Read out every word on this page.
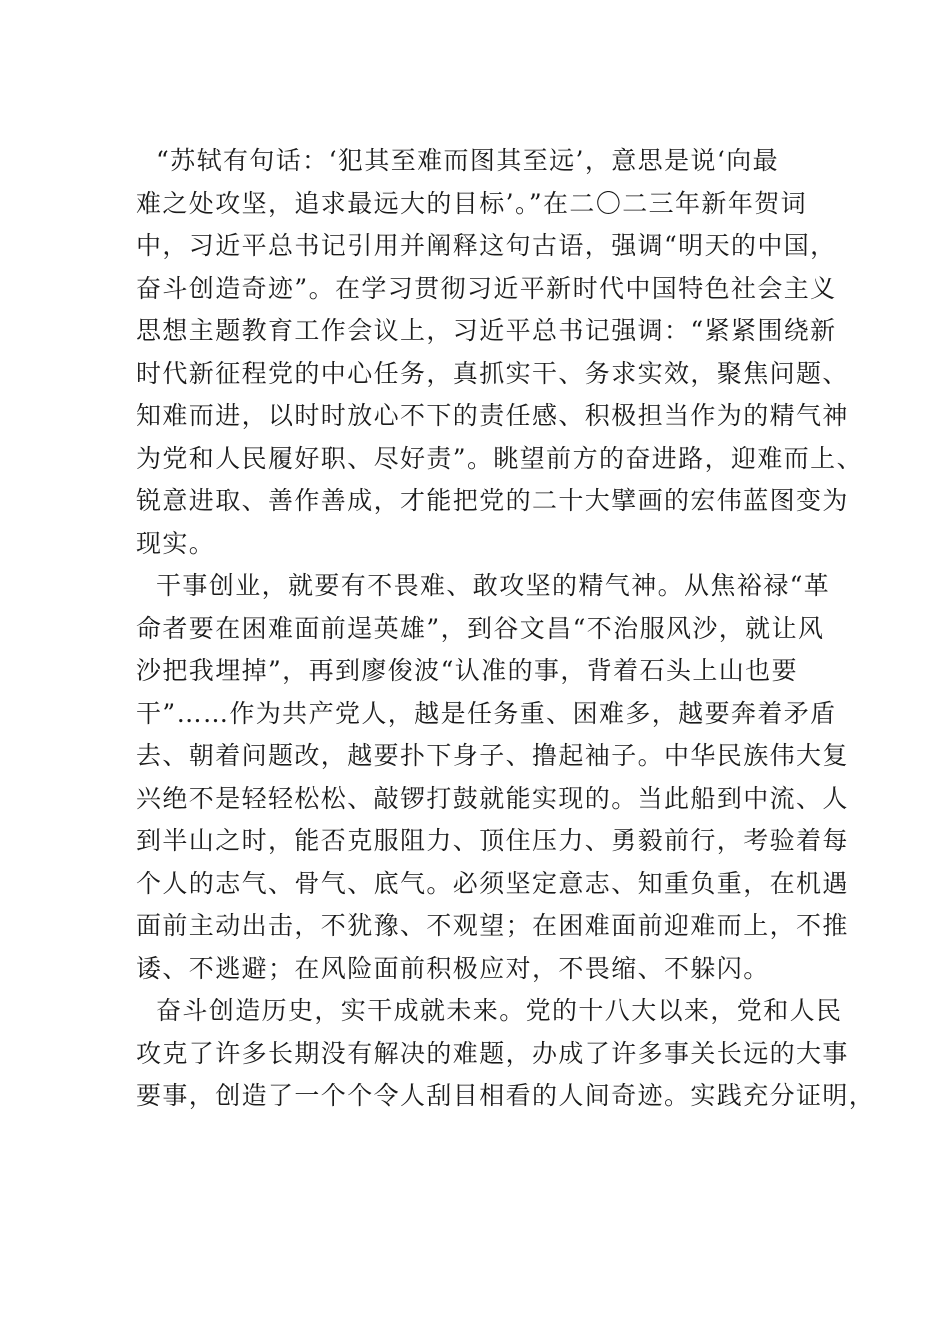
“苏轼有句话：‘犯其至难而图其至远’，意思是说‘向最
难之处攻坚，追求最远大的目标’。”在二〇二三年新年贺词
中，习近平总书记引用并阐释这句古语，强调“明天的中国，
奋斗创造奇迹”。在学习贯彻习近平新时代中国特色社会主义
思想主题教育工作会议上，习近平总书记强调：“紧紧围绕新
时代新征程党的中心任务，真抓实干、务求实效，聚焦问题、
知难而进，以时时放心不下的责任感、积极担当作为的精气神
为党和人民履好职、尽好责”。眺望前方的奋进路，迎难而上、
锐意进取、善作善成，才能把党的二十大擘画的宏伟蓝图变为
现实。
干事创业，就要有不畏难、敢攻坚的精气神。从焦裕禄“革
命者要在困难面前逞英雄”，到谷文昌“不治服风沙，就让风
沙把我埋掉”，再到廖俊波“认准的事，背着石头上山也要
干”……作为共产党人，越是任务重、困难多，越要奔着矛盾
去、朝着问题改，越要扑下身子、撸起袖子。中华民族伟大复
兴绝不是轻轻松松、敲锣打鼓就能实现的。当此船到中流、人
到半山之时，能否克服阻力、顶住压力、勇毅前行，考验着每
个人的志气、骨气、底气。必须坚定意志、知重负重，在机遇
面前主动出击，不犹豫、不观望；在困难面前迎难而上，不推
诿、不逃避；在风险面前积极应对，不畏缩、不躲闪。
奋斗创造历史，实干成就未来。党的十八大以来，党和人民
攻克了许多长期没有解决的难题，办成了许多事关长远的大事
要事，创造了一个个令人刮目相看的人间奇迹。实践充分证明，
